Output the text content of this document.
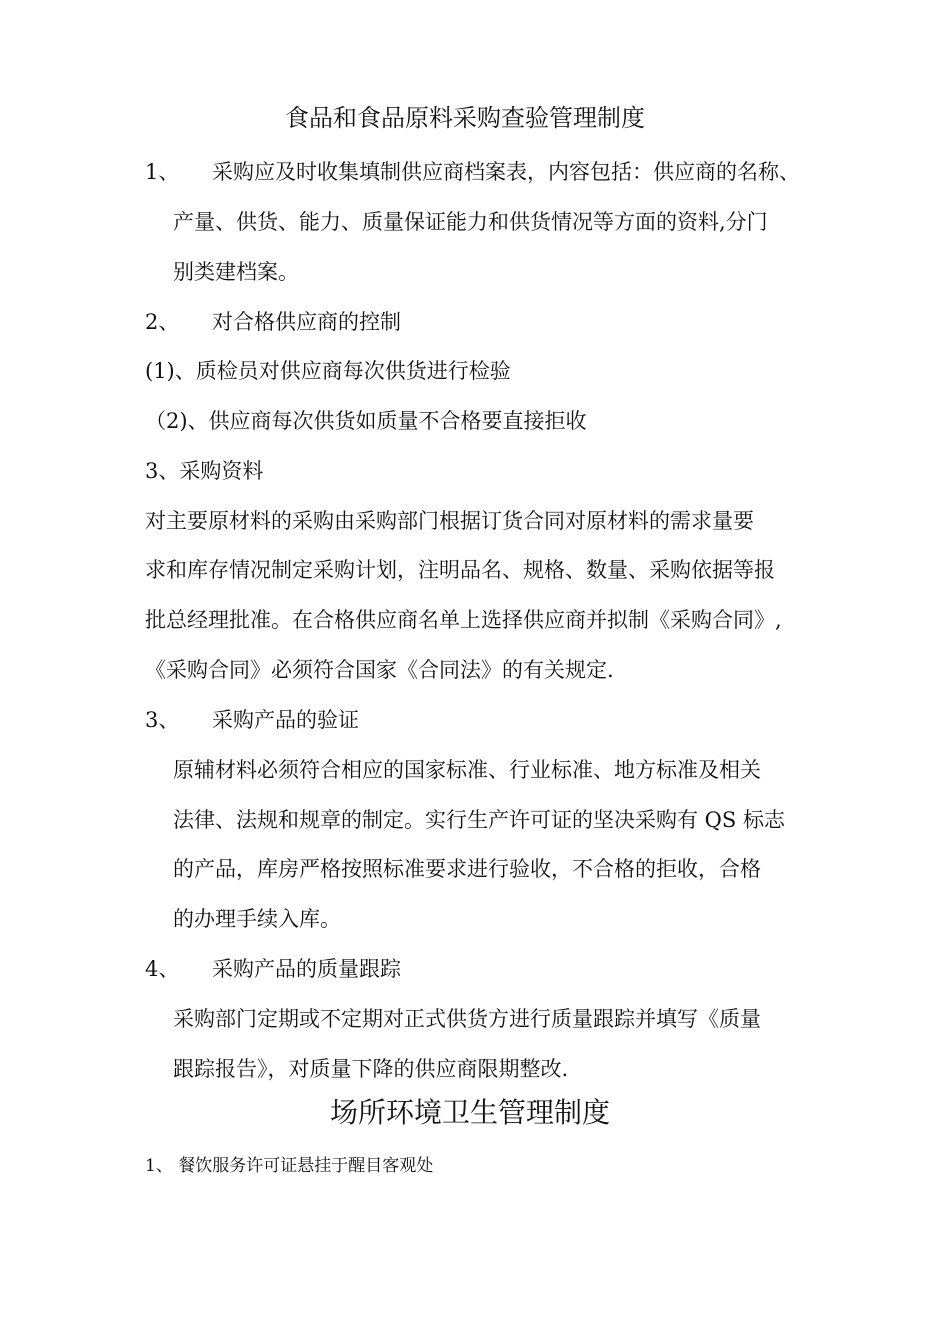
食品和食品原料采购查验管理制度
1、 采购应及时收集填制供应商档案表，内容包括：供应商的名称、
产量、供货、能力、质量保证能力和供货情况等方面的资料,分门
别类建档案。
2、 对合格供应商的控制
(1)、质检员对供应商每次供货进行检验
（2)、供应商每次供货如质量不合格要直接拒收
3、采购资料
对主要原材料的采购由采购部门根据订货合同对原材料的需求量要
求和库存情况制定采购计划，注明品名、规格、数量、采购依据等报
批总经理批准。在合格供应商名单上选择供应商并拟制《采购合同》,
《采购合同》必须符合国家《合同法》的有关规定.
3、 采购产品的验证
原辅材料必须符合相应的国家标准、行业标准、地方标准及相关
法律、法规和规章的制定。实行生产许可证的坚决采购有 QS 标志
的产品，库房严格按照标准要求进行验收，不合格的拒收，合格
的办理手续入库。
4、 采购产品的质量跟踪
采购部门定期或不定期对正式供货方进行质量跟踪并填写《质量
跟踪报告》，对质量下降的供应商限期整改.
场所环境卫生管理制度
1、 餐饮服务许可证悬挂于醒目客观处
